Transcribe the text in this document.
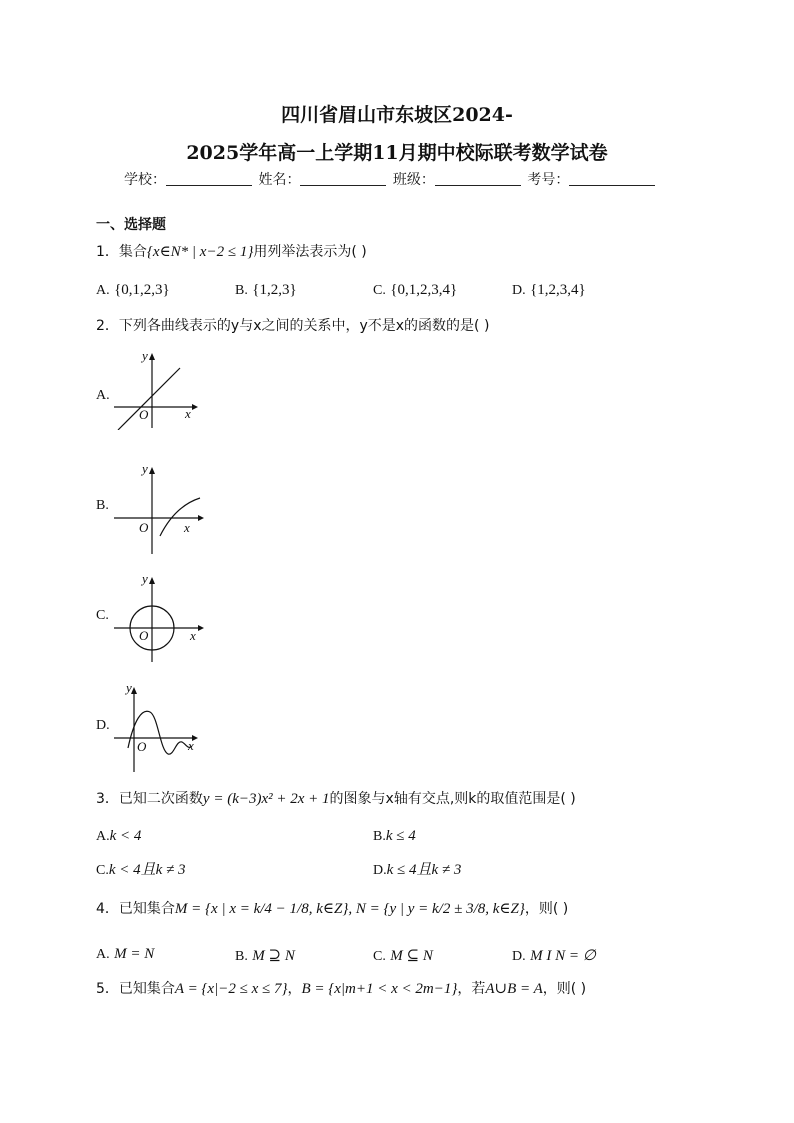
四川省眉山市东坡区2024-
2025学年高一上学期11月期中校际联考数学试卷
学校：	姓名：	班级：	考号：
一、选择题
1．集合{x∈N* | x−2 ≤ 1}用列举法表示为( )
A. {0,1,2,3}	B. {1,2,3}	C. {0,1,2,3,4}	D. {1,2,3,4}
2．下列各曲线表示的y与x之间的关系中，y不是x的函数的是( )
A.
y
x
O
B.
y
x
O
C.
y
x
O
D.
y
x
O
3．已知二次函数y = (k−3)x² + 2x + 1的图象与x轴有交点,则k的取值范围是( )
A.k < 4	B.k ≤ 4
C.k < 4且k ≠ 3	D.k ≤ 4且k ≠ 3
4．已知集合M = {x | x = k/4 − 1/8, k∈Z}, N = {y | y = k/2 ± 3/8, k∈Z}，则( )
A. M = N	B. M ⊇ N	C. M ⊆ N	D. M I N = ∅
5．已知集合A = {x|−2 ≤ x ≤ 7}，B = {x|m+1 < x < 2m−1}，若A∪B = A，则( )
